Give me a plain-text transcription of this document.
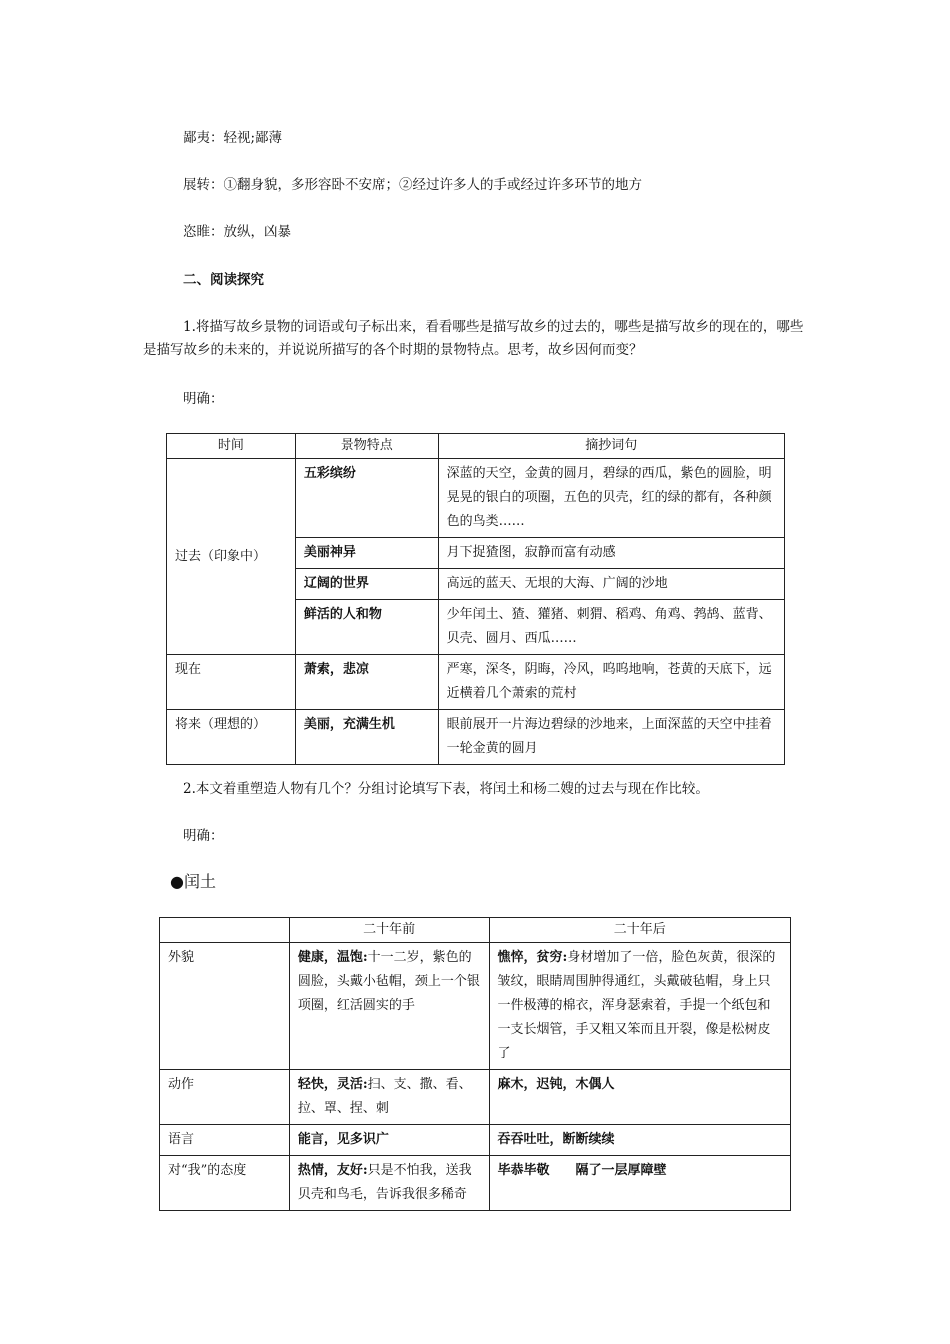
鄙夷：轻视;鄙薄
展转：①翻身貌，多形容卧不安席；②经过许多人的手或经过许多环节的地方
恣睢：放纵，凶暴
二、阅读探究
1.将描写故乡景物的词语或句子标出来，看看哪些是描写故乡的过去的，哪些是描写故乡的现在的，哪些是描写故乡的未来的，并说说所描写的各个时期的景物特点。思考，故乡因何而变？
明确：
时间	景物特点	摘抄词句
过去（印象中）	五彩缤纷	深蓝的天空，金黄的圆月，碧绿的西瓜，紫色的圆脸，明晃晃的银白的项圈，五色的贝壳，红的绿的都有，各种颜色的鸟类……
	美丽神异	月下捉猹图，寂静而富有动感
	辽阔的世界	高远的蓝天、无垠的大海、广阔的沙地
	鲜活的人和物	少年闰土、猹、獾猪、刺猬、稻鸡、角鸡、鹁鸪、蓝背、贝壳、圆月、西瓜……
现在	萧索，悲凉	严寒，深冬，阴晦，冷风，呜呜地响，苍黄的天底下，远近横着几个萧索的荒村
将来（理想的）	美丽，充满生机	眼前展开一片海边碧绿的沙地来，上面深蓝的天空中挂着一轮金黄的圆月
2.本文着重塑造人物有几个？分组讨论填写下表，将闰土和杨二嫂的过去与现在作比较。
明确：
●闰土
	二十年前	二十年后
外貌	健康，温饱:十一二岁，紫色的圆脸，头戴小毡帽，颈上一个银项圈，红活圆实的手	憔悴，贫穷:身材增加了一倍，脸色灰黄，很深的皱纹，眼睛周围肿得通红，头戴破毡帽，身上只一件极薄的棉衣，浑身瑟索着，手提一个纸包和一支长烟管，手又粗又笨而且开裂，像是松树皮了
动作	轻快，灵活:扫、支、撒、看、拉、罩、捏、刺	麻木，迟钝，木偶人
语言	能言，见多识广	吞吞吐吐，断断续续
对“我”的态度	热情，友好:只是不怕我，送我贝壳和鸟毛，告诉我很多稀奇	毕恭毕敬　　隔了一层厚障壁
